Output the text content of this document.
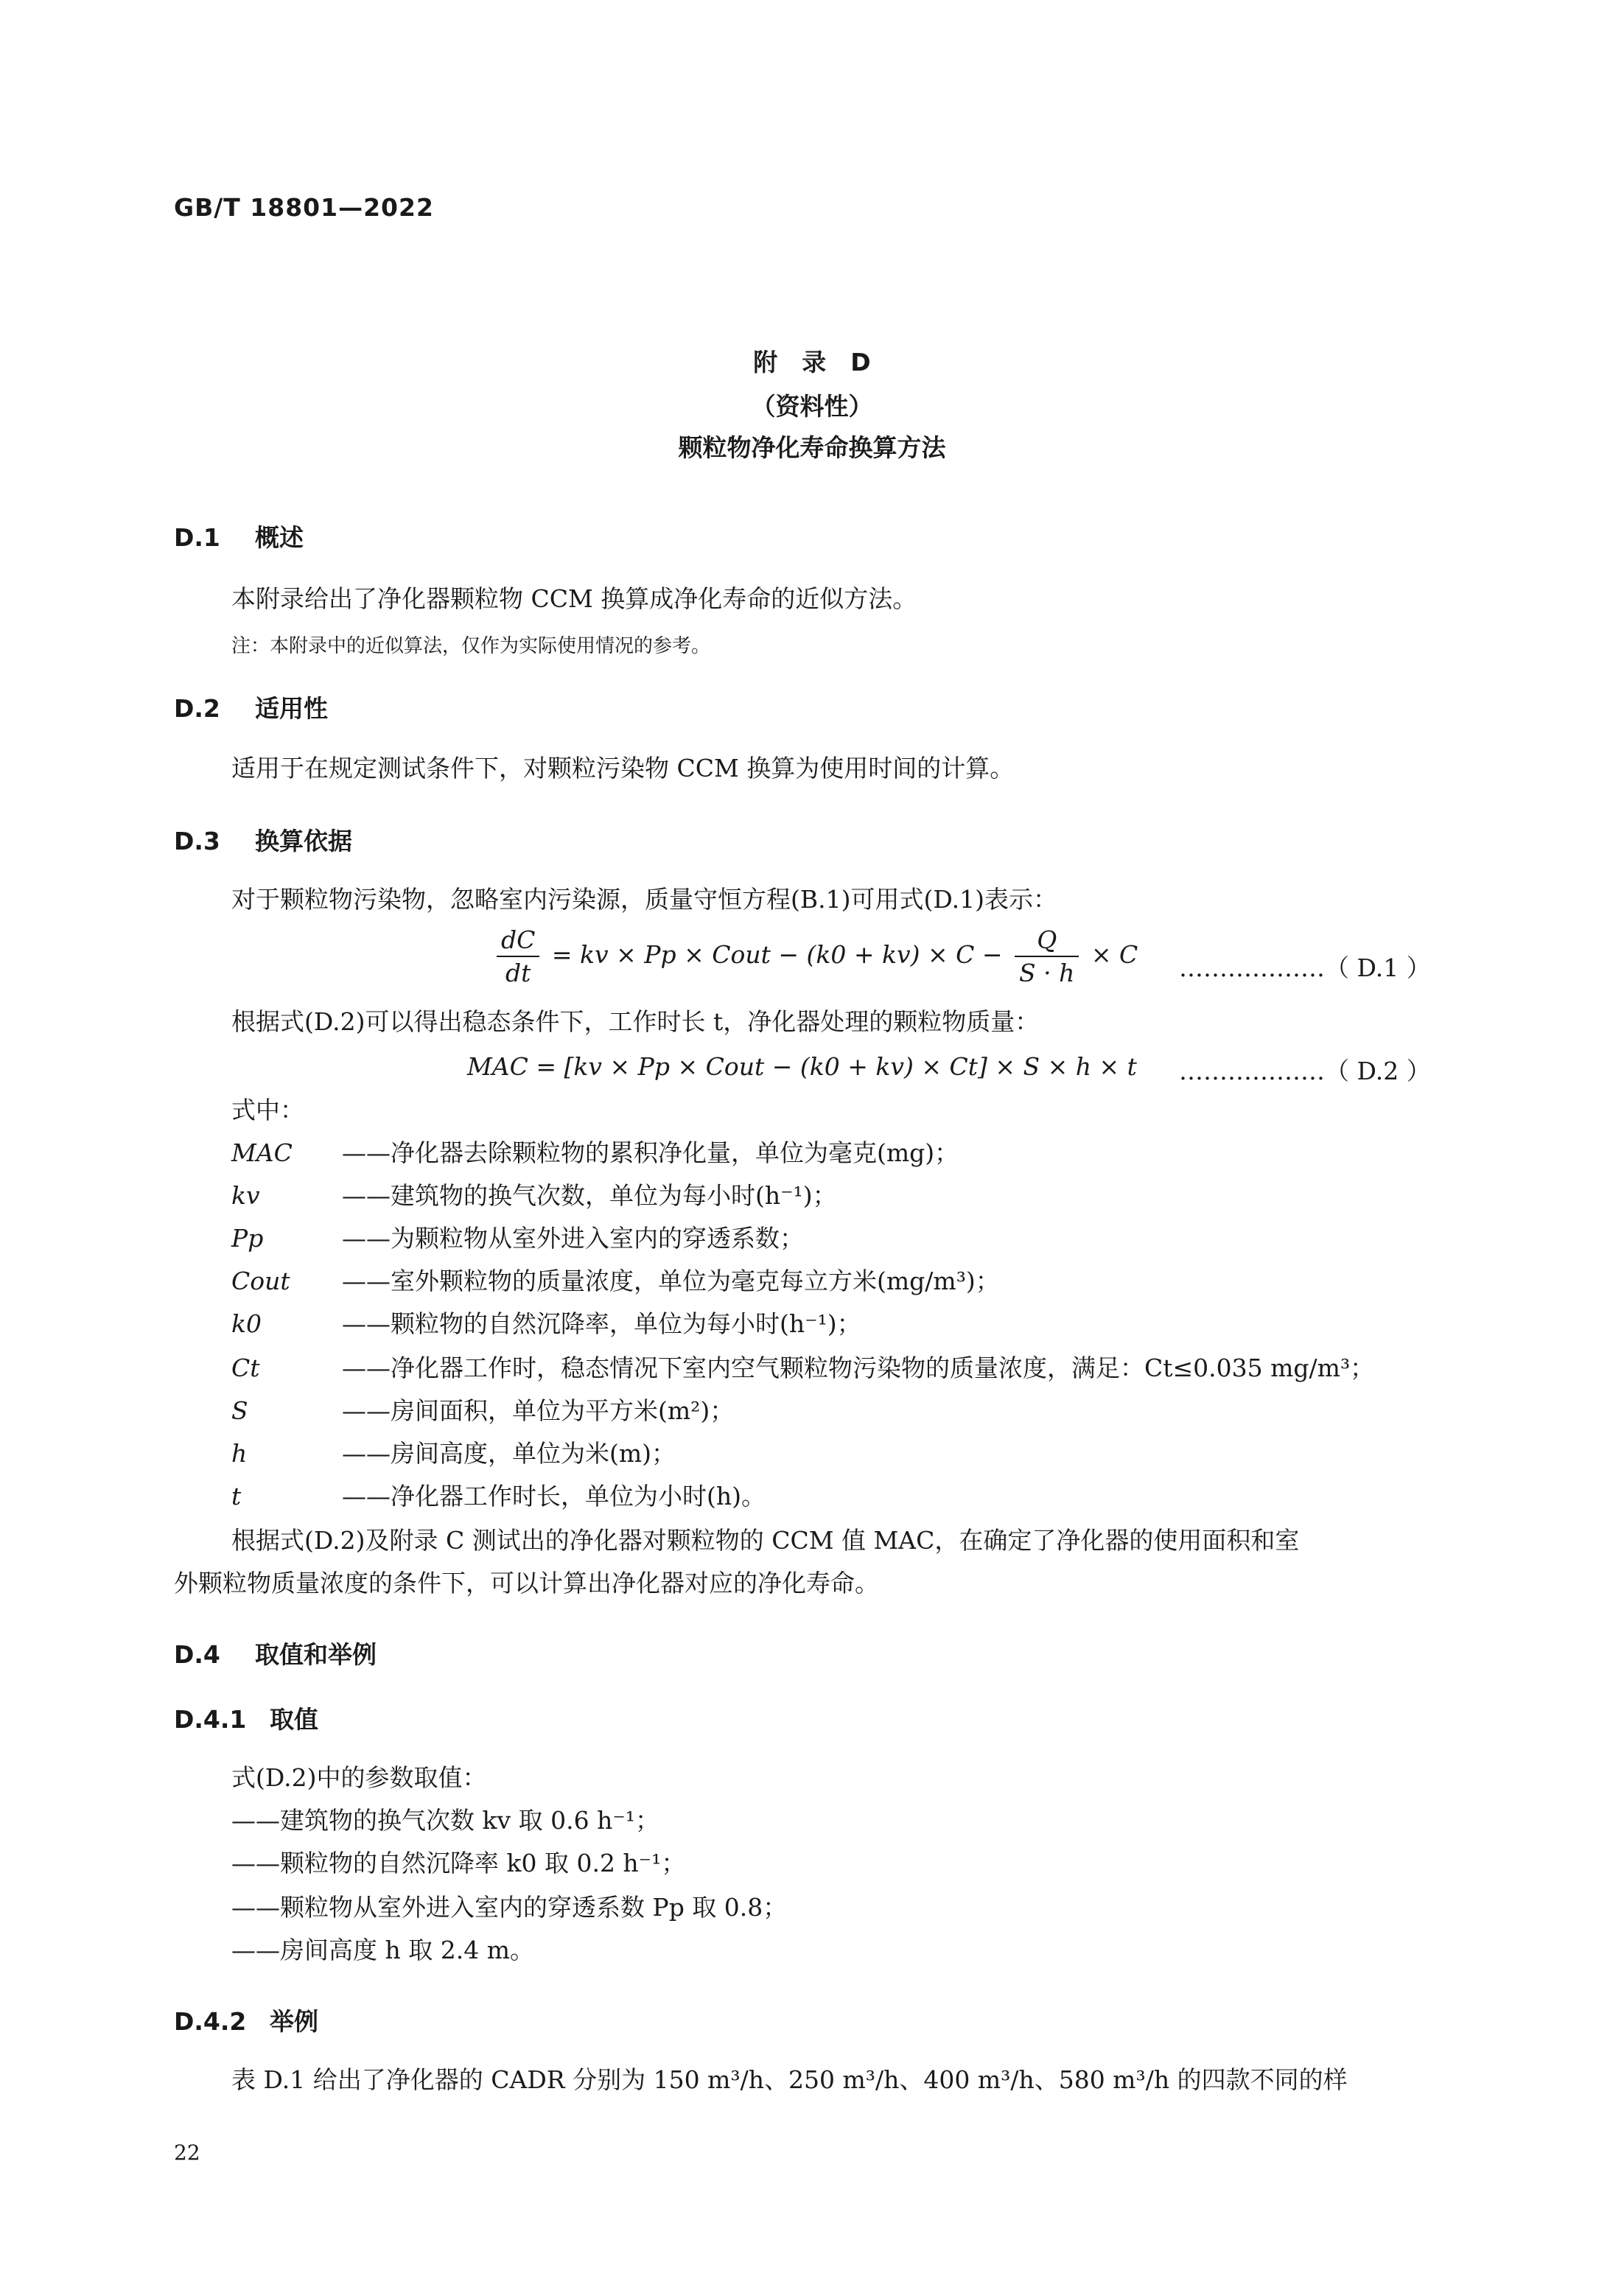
GB/T 18801—2022
附　录　D
（资料性）
颗粒物净化寿命换算方法
D.1 概述
本附录给出了净化器颗粒物 CCM 换算成净化寿命的近似方法。
注：本附录中的近似算法，仅作为实际使用情况的参考。
D.2 适用性
适用于在规定测试条件下，对颗粒污染物 CCM 换算为使用时间的计算。
D.3 换算依据
对于颗粒物污染物，忽略室内污染源，质量守恒方程(B.1)可用式(D.1)表示：
$\frac{dC}{dt}$ = kv × Pp × Cout − $(k0 + kv) \times C - \frac{Q}{S \cdot h} \times C$ ………………（ D.1 ）
根据式(D.2)可以得出稳态条件下，工作时长 t，净化器处理的颗粒物质量：
MAC = [kv × Pp × Cout − (k0 + kv) × Ct] × S × h × t ………………（ D.2 ）
式中：
MAC ——净化器去除颗粒物的累积净化量，单位为毫克(mg)；
kv	——建筑物的换气次数，单位为每小时(h⁻¹)；
Pp	——为颗粒物从室外进入室内的穿透系数；
Cout ——室外颗粒物的质量浓度，单位为毫克每立方米(mg/m³)；
k0	——颗粒物的自然沉降率，单位为每小时(h⁻¹)；
Ct	——净化器工作时，稳态情况下室内空气颗粒物污染物的质量浓度，满足：Ct≤0.035 mg/m³；
S	——房间面积，单位为平方米(m²)；
h	——房间高度，单位为米(m)；
t	——净化器工作时长，单位为小时(h)。
根据式(D.2)及附录 C 测试出的净化器对颗粒物的 CCM 值 MAC，在确定了净化器的使用面积和室
外颗粒物质量浓度的条件下，可以计算出净化器对应的净化寿命。
D.4 取值和举例
D.4.1 取值
式(D.2)中的参数取值：
——建筑物的换气次数 kv 取 0.6 h⁻¹；
——颗粒物的自然沉降率 k0 取 0.2 h⁻¹；
——颗粒物从室外进入室内的穿透系数 Pp 取 0.8；
——房间高度 h 取 2.4 m。
D.4.2 举例
表 D.1 给出了净化器的 CADR 分别为 150 m³/h、250 m³/h、400 m³/h、580 m³/h 的四款不同的样
22
